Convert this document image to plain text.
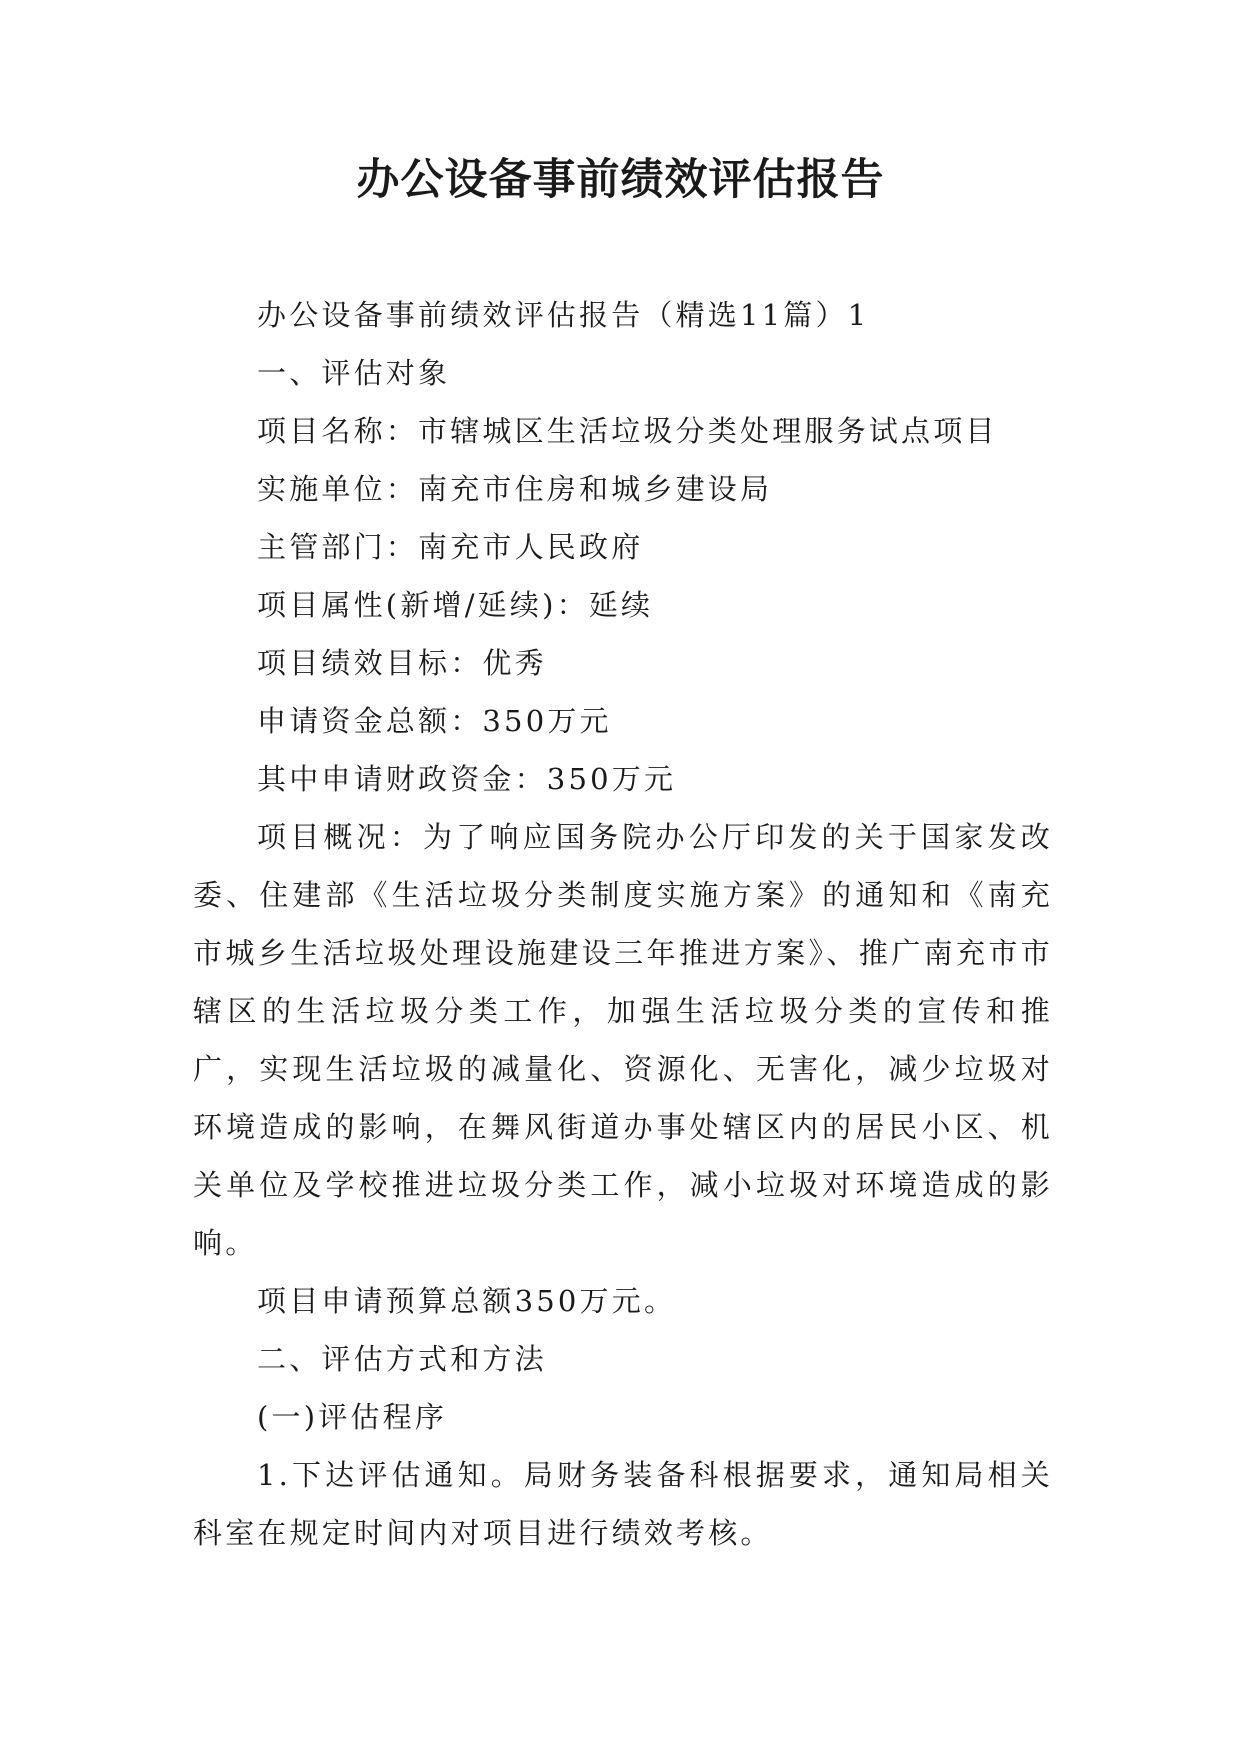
办公设备事前绩效评估报告

办公设备事前绩效评估报告（精选11篇）1

一、评估对象

项目名称：市辖城区生活垃圾分类处理服务试点项目

实施单位：南充市住房和城乡建设局

主管部门：南充市人民政府

项目属性(新增/延续)：延续

项目绩效目标：优秀

申请资金总额：350万元

其中申请财政资金：350万元

项目概况：为了响应国务院办公厅印发的关于国家发改委、住建部《生活垃圾分类制度实施方案》的通知和《南充市城乡生活垃圾处理设施建设三年推进方案》、推广南充市市辖区的生活垃圾分类工作，加强生活垃圾分类的宣传和推广，实现生活垃圾的减量化、资源化、无害化，减少垃圾对环境造成的影响，在舞风街道办事处辖区内的居民小区、机关单位及学校推进垃圾分类工作，减小垃圾对环境造成的影响。

项目申请预算总额350万元。

二、评估方式和方法

(一)评估程序

1.下达评估通知。局财务装备科根据要求，通知局相关科室在规定时间内对项目进行绩效考核。
